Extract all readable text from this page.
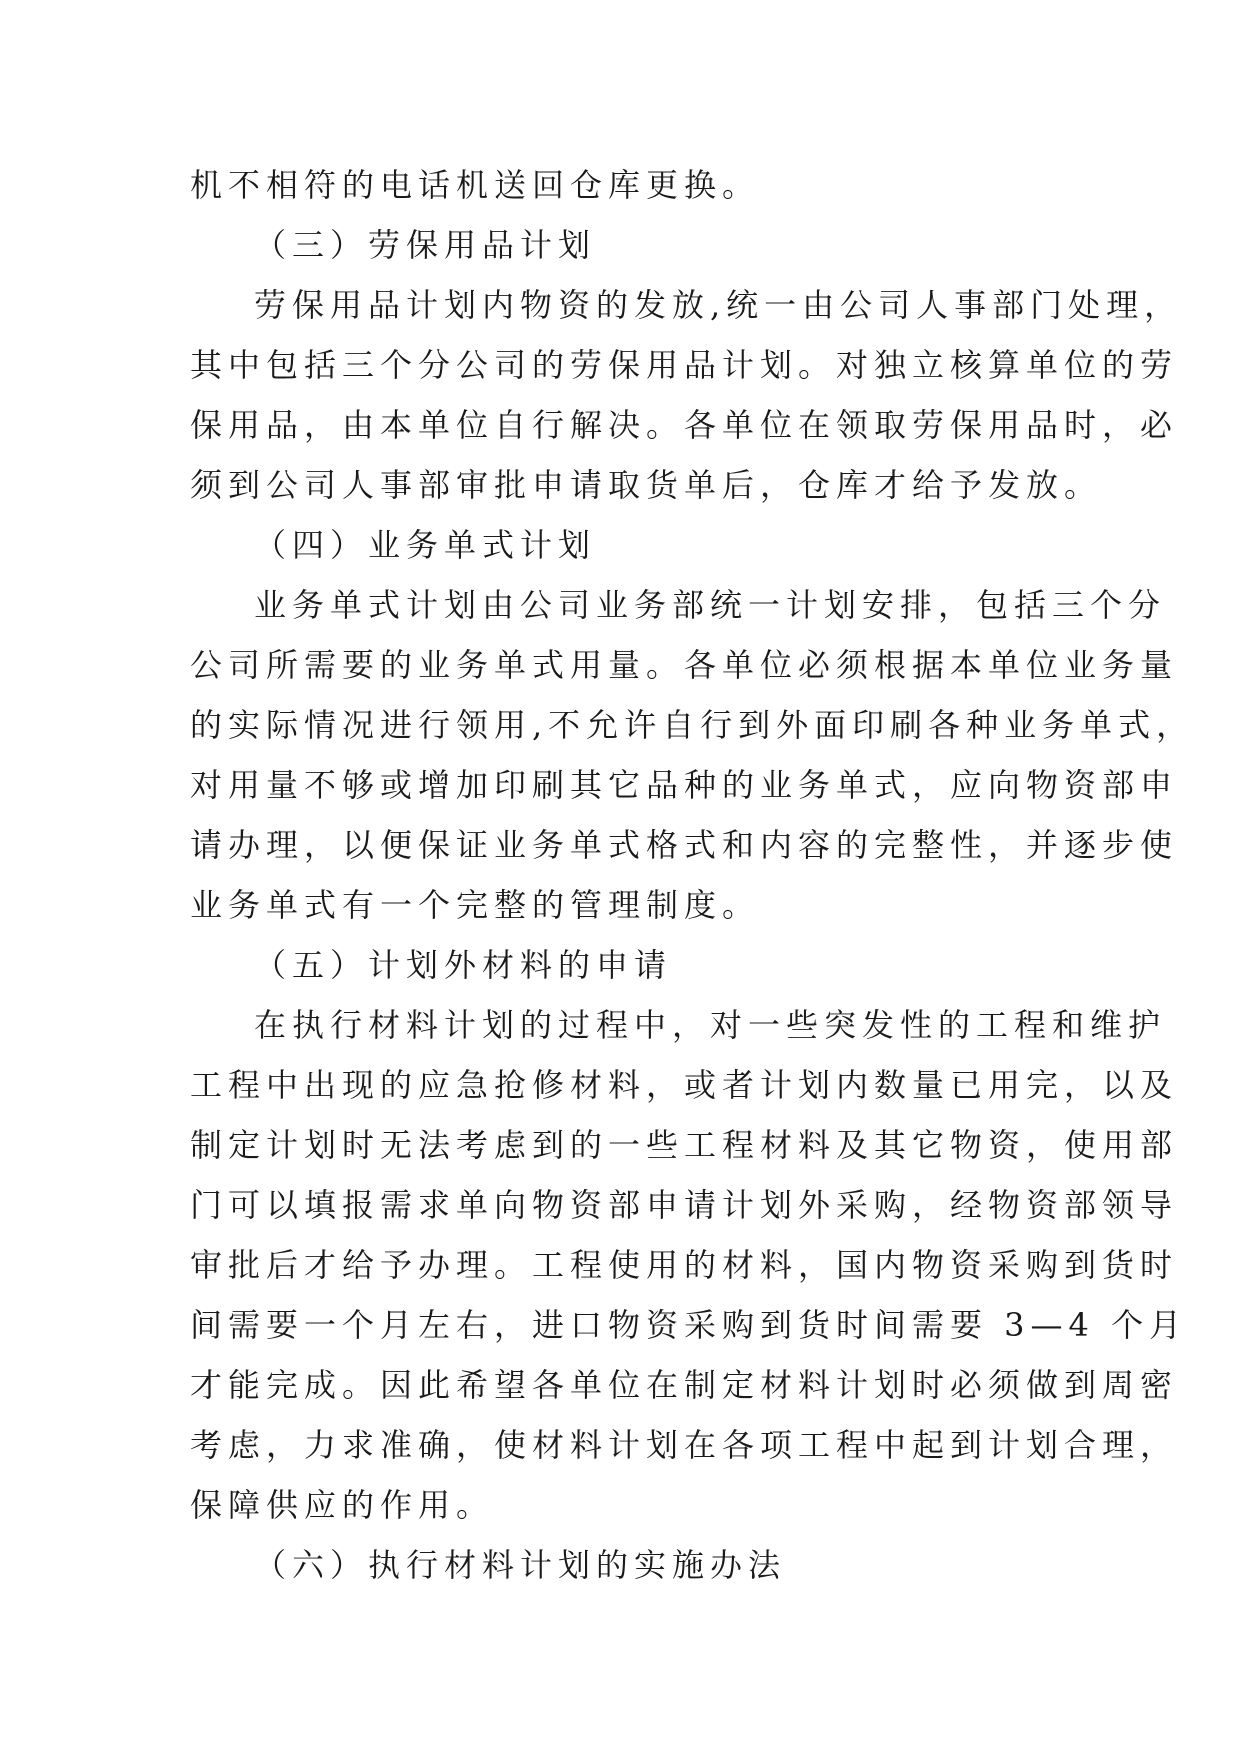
机不相符的电话机送回仓库更换。
（三）劳保用品计划
劳保用品计划内物资的发放,统一由公司人事部门处理，
其中包括三个分公司的劳保用品计划。对独立核算单位的劳
保用品，由本单位自行解决。各单位在领取劳保用品时，必
须到公司人事部审批申请取货单后，仓库才给予发放。
（四）业务单式计划
业务单式计划由公司业务部统一计划安排，包括三个分
公司所需要的业务单式用量。各单位必须根据本单位业务量
的实际情况进行领用,不允许自行到外面印刷各种业务单式，
对用量不够或增加印刷其它品种的业务单式，应向物资部申
请办理，以便保证业务单式格式和内容的完整性，并逐步使
业务单式有一个完整的管理制度。
（五）计划外材料的申请
在执行材料计划的过程中，对一些突发性的工程和维护
工程中出现的应急抢修材料，或者计划内数量已用完，以及
制定计划时无法考虑到的一些工程材料及其它物资，使用部
门可以填报需求单向物资部申请计划外采购，经物资部领导
审批后才给予办理。工程使用的材料，国内物资采购到货时
间需要一个月左右，进口物资采购到货时间需要 3—4 个月
才能完成。因此希望各单位在制定材料计划时必须做到周密
考虑，力求准确，使材料计划在各项工程中起到计划合理，
保障供应的作用。
（六）执行材料计划的实施办法
